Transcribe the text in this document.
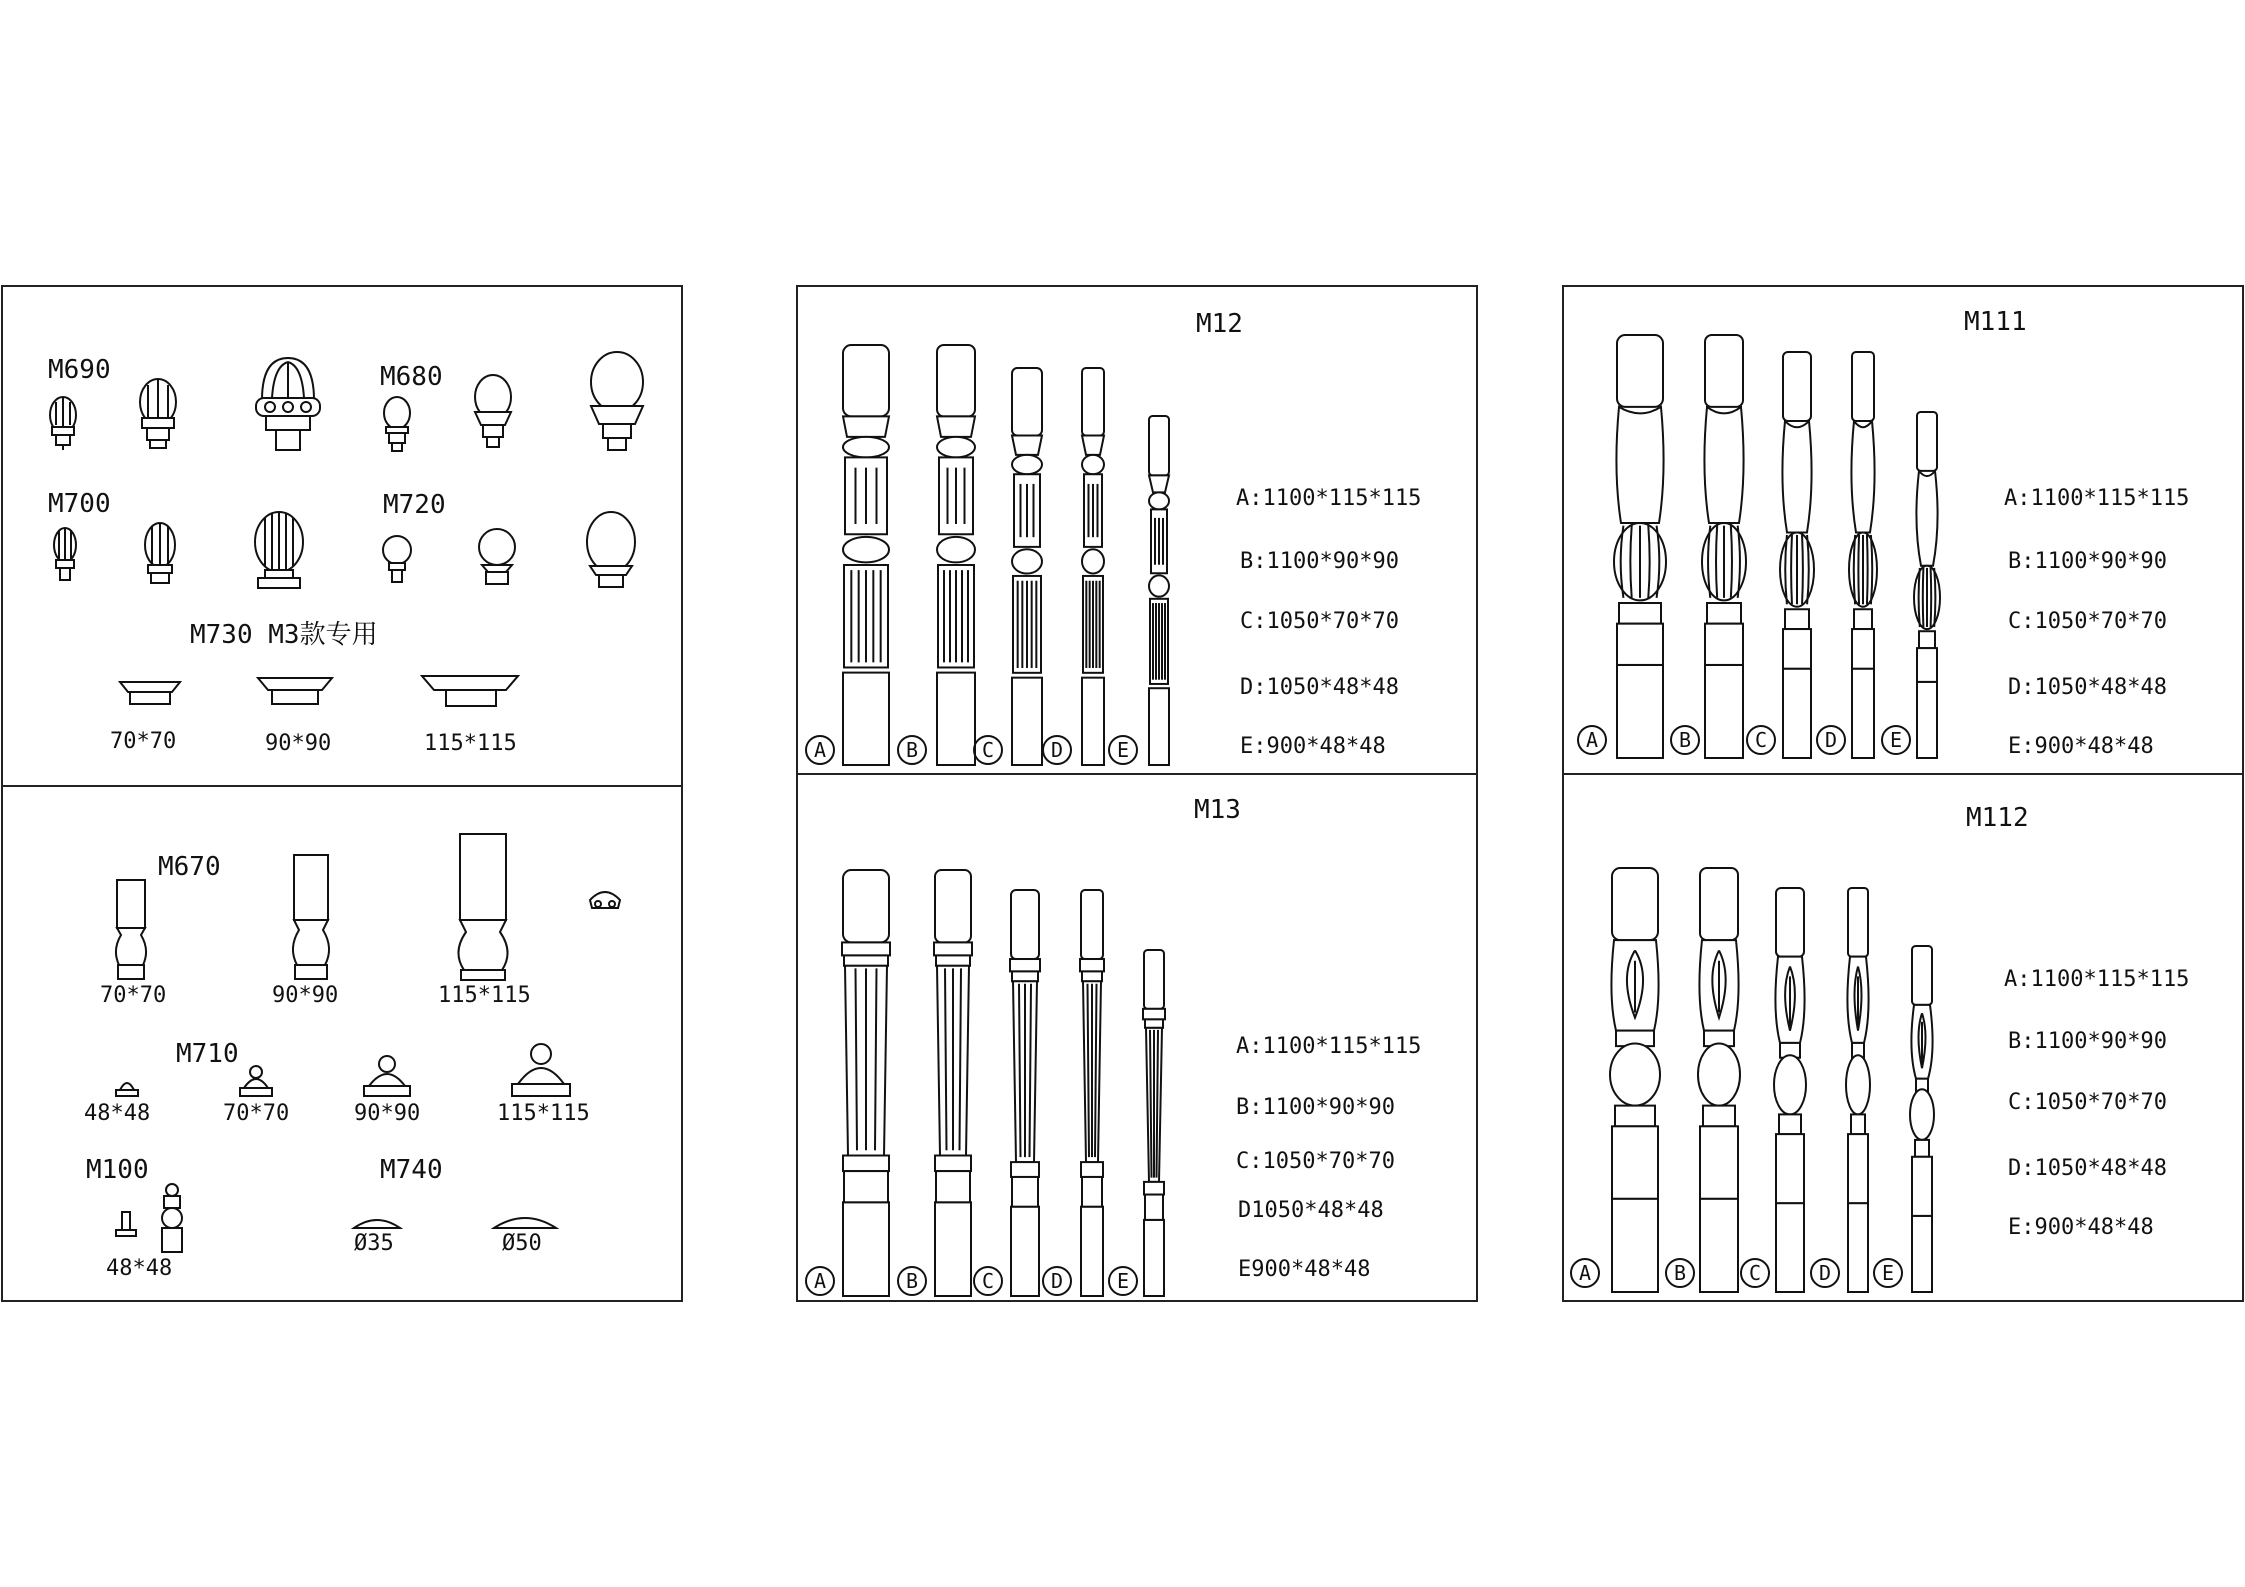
M690	M680
M700	M720
M730 M3款专用
70*70	90*90	115*115
M670
70*70	90*90	115*115
M710
48*48	70*70	90*90	115*115
M100
48*48
M740
Ø35	Ø50
M12
A:1100*115*115
B:1100*90*90
C:1050*70*70
D:1050*48*48
E:900*48*48
A	B	C	D	E
M13
A:1100*115*115
B:1100*90*90
C:1050*70*70
D1050*48*48
E900*48*48
A	B	C	D	E
M111
A:1100*115*115
B:1100*90*90
C:1050*70*70
D:1050*48*48
E:900*48*48
A	B	C	D	E
M112
A:1100*115*115
B:1100*90*90
C:1050*70*70
D:1050*48*48
E:900*48*48
A	B	C	D	E
